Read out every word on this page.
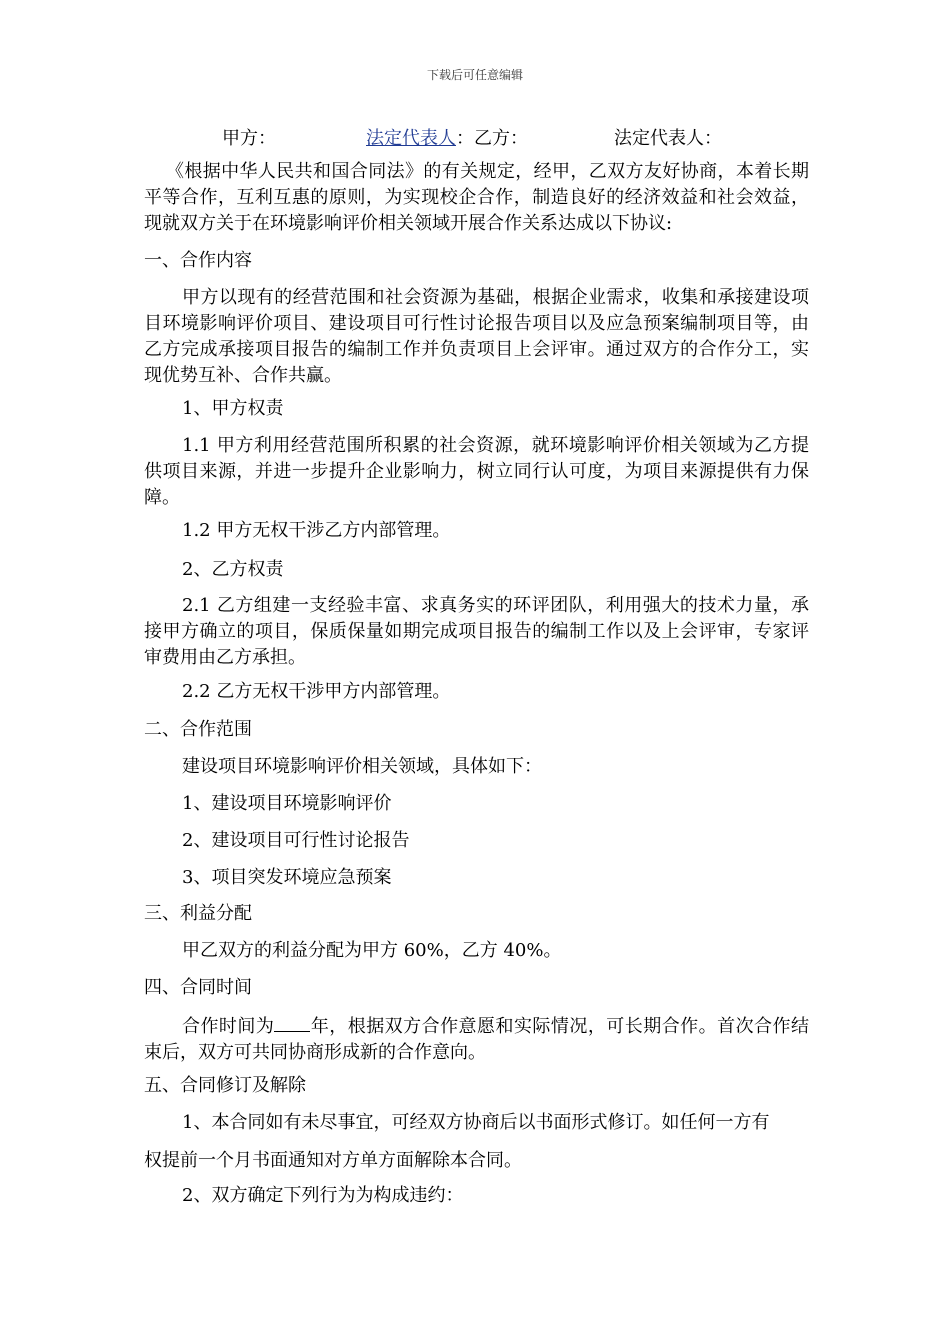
下载后可任意编辑
甲方：	法定代表人 ：乙方：	法定代表人：
《根据中华人民共和国合同法》的有关规定，经甲，乙双方友好协商，本着长期平等合作，互利互惠的原则，为实现校企合作，制造良好的经济效益和社会效益，现就双方关于在环境影响评价相关领域开展合作关系达成以下协议:
一、合作内容
甲方以现有的经营范围和社会资源为基础，根据企业需求，收集和承接建设项目环境影响评价项目、建设项目可行性讨论报告项目以及应急预案编制项目等，由乙方完成承接项目报告的编制工作并负责项目上会评审。通过双方的合作分工，实现优势互补、合作共赢。
1、甲方权责
1.1 甲方利用经营范围所积累的社会资源，就环境影响评价相关领域为乙方提供项目来源，并进一步提升企业影响力，树立同行认可度，为项目来源提供有力保障。
1.2 甲方无权干涉乙方内部管理。
2、乙方权责
2.1 乙方组建一支经验丰富、求真务实的环评团队，利用强大的技术力量，承接甲方确立的项目，保质保量如期完成项目报告的编制工作以及上会评审，专家评审费用由乙方承担。
2.2 乙方无权干涉甲方内部管理。
二、合作范围
建设项目环境影响评价相关领域，具体如下：
1、建设项目环境影响评价
2、建设项目可行性讨论报告
3、项目突发环境应急预案
三、利益分配
甲乙双方的利益分配为甲方 60%，乙方 40%。
四、合同时间
合作时间为 年，根据双方合作意愿和实际情况，可长期合作。首次合作结束后，双方可共同协商形成新的合作意向。
五、合同修订及解除
1、本合同如有未尽事宜，可经双方协商后以书面形式修订。如任何一方有
权提前一个月书面通知对方单方面解除本合同。
2、双方确定下列行为为构成违约：
